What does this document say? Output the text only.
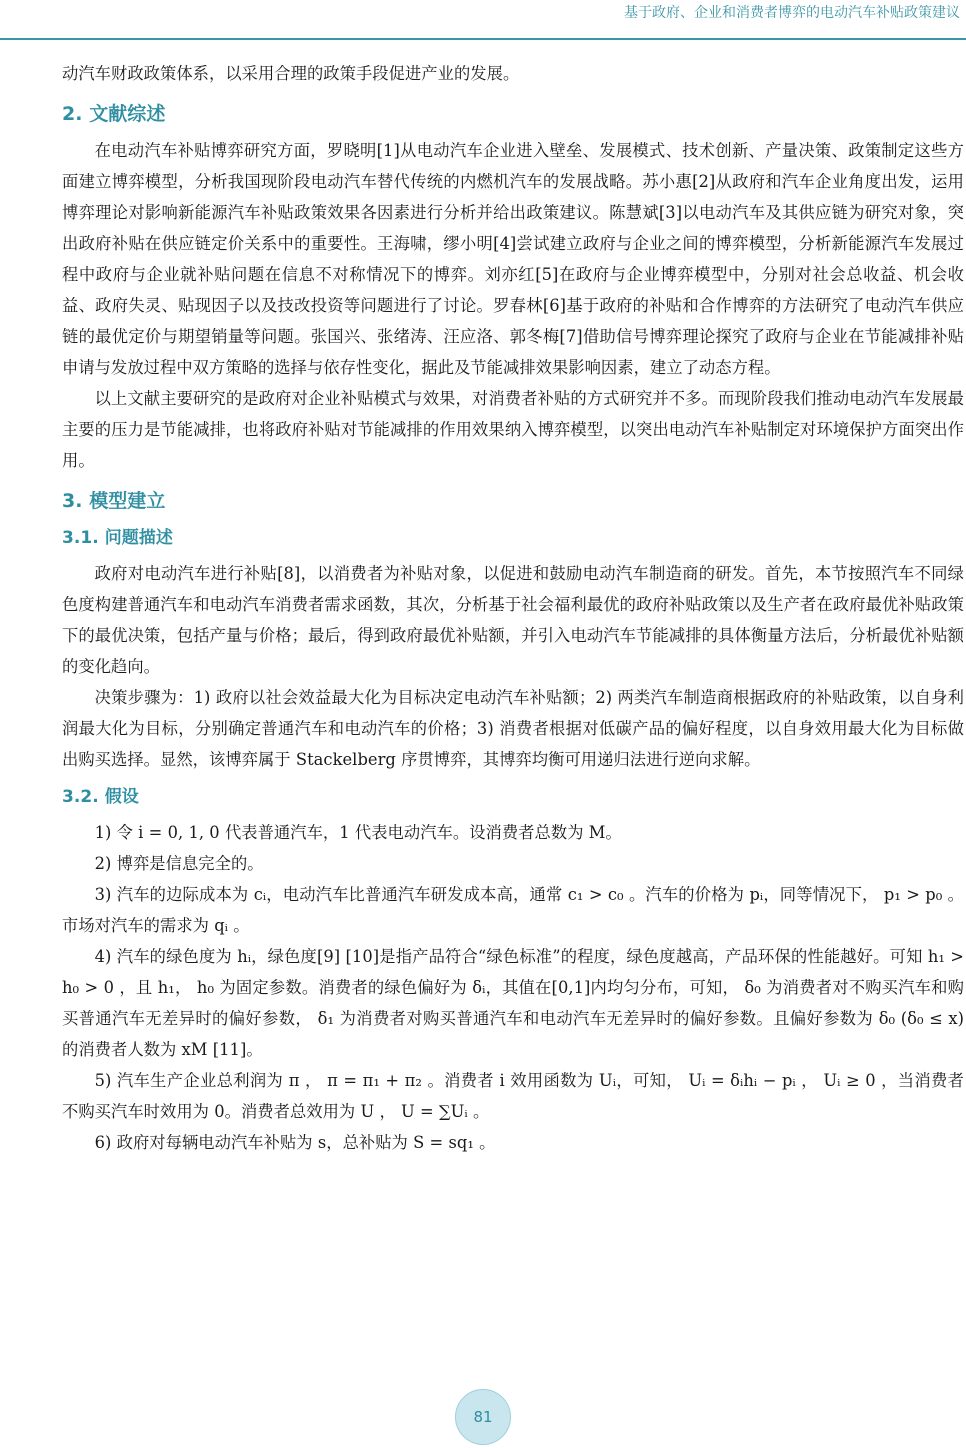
基于政府、企业和消费者博弈的电动汽车补贴政策建议

动汽车财政政策体系，以采用合理的政策手段促进产业的发展。

2. 文献综述

在电动汽车补贴博弈研究方面，罗晓明[1]从电动汽车企业进入壁垒、发展模式、技术创新、产量决策、政策制定这些方面建立博弈模型，分析我国现阶段电动汽车替代传统的内燃机汽车的发展战略。苏小惠[2]从政府和汽车企业角度出发，运用博弈理论对影响新能源汽车补贴政策效果各因素进行分析并给出政策建议。陈慧斌[3]以电动汽车及其供应链为研究对象，突出政府补贴在供应链定价关系中的重要性。王海啸，缪小明[4]尝试建立政府与企业之间的博弈模型，分析新能源汽车发展过程中政府与企业就补贴问题在信息不对称情况下的博弈。刘亦红[5]在政府与企业博弈模型中，分别对社会总收益、机会收益、政府失灵、贴现因子以及技改投资等问题进行了讨论。罗春林[6]基于政府的补贴和合作博弈的方法研究了电动汽车供应链的最优定价与期望销量等问题。张国兴、张绪涛、汪应洛、郭冬梅[7]借助信号博弈理论探究了政府与企业在节能减排补贴申请与发放过程中双方策略的选择与依存性变化，据此及节能减排效果影响因素，建立了动态方程。

以上文献主要研究的是政府对企业补贴模式与效果，对消费者补贴的方式研究并不多。而现阶段我们推动电动汽车发展最主要的压力是节能减排，也将政府补贴对节能减排的作用效果纳入博弈模型，以突出电动汽车补贴制定对环境保护方面突出作用。

3. 模型建立
3.1. 问题描述

政府对电动汽车进行补贴[8]，以消费者为补贴对象，以促进和鼓励电动汽车制造商的研发。首先，本节按照汽车不同绿色度构建普通汽车和电动汽车消费者需求函数，其次，分析基于社会福利最优的政府补贴政策以及生产者在政府最优补贴政策下的最优决策，包括产量与价格；最后，得到政府最优补贴额，并引入电动汽车节能减排的具体衡量方法后，分析最优补贴额的变化趋向。

决策步骤为：1) 政府以社会效益最大化为目标决定电动汽车补贴额；2) 两类汽车制造商根据政府的补贴政策，以自身利润最大化为目标，分别确定普通汽车和电动汽车的价格；3) 消费者根据对低碳产品的偏好程度，以自身效用最大化为目标做出购买选择。显然，该博弈属于 Stackelberg 序贯博弈，其博弈均衡可用递归法进行逆向求解。

3.2. 假设

1) 令 i = 0, 1, 0 代表普通汽车，1 代表电动汽车。设消费者总数为 M。

2) 博弈是信息完全的。

3) 汽车的边际成本为 cᵢ，电动汽车比普通汽车研发成本高，通常 c₁ > c₀ 。汽车的价格为 pᵢ，同等情况下， p₁ > p₀ 。市场对汽车的需求为 qᵢ 。

4) 汽车的绿色度为 hᵢ，绿色度[9] [10]是指产品符合“绿色标准”的程度，绿色度越高，产品环保的性能越好。可知 h₁ > h₀ > 0 ，且 h₁， h₀ 为固定参数。消费者的绿色偏好为 δᵢ，其值在[0,1]内均匀分布，可知， δ₀ 为消费者对不购买汽车和购买普通汽车无差异时的偏好参数， δ₁ 为消费者对购买普通汽车和电动汽车无差异时的偏好参数。且偏好参数为 δ₀ (δ₀ ≤ x) 的消费者人数为 xM [11]。

5) 汽车生产企业总利润为 π ， π = π₁ + π₂ 。消费者 i 效用函数为 Uᵢ，可知， Uᵢ = δᵢhᵢ − pᵢ ， Uᵢ ≥ 0 ，当消费者不购买汽车时效用为 0。消费者总效用为 U ， U = ∑Uᵢ 。

6) 政府对每辆电动汽车补贴为 s，总补贴为 S = sq₁ 。

81
